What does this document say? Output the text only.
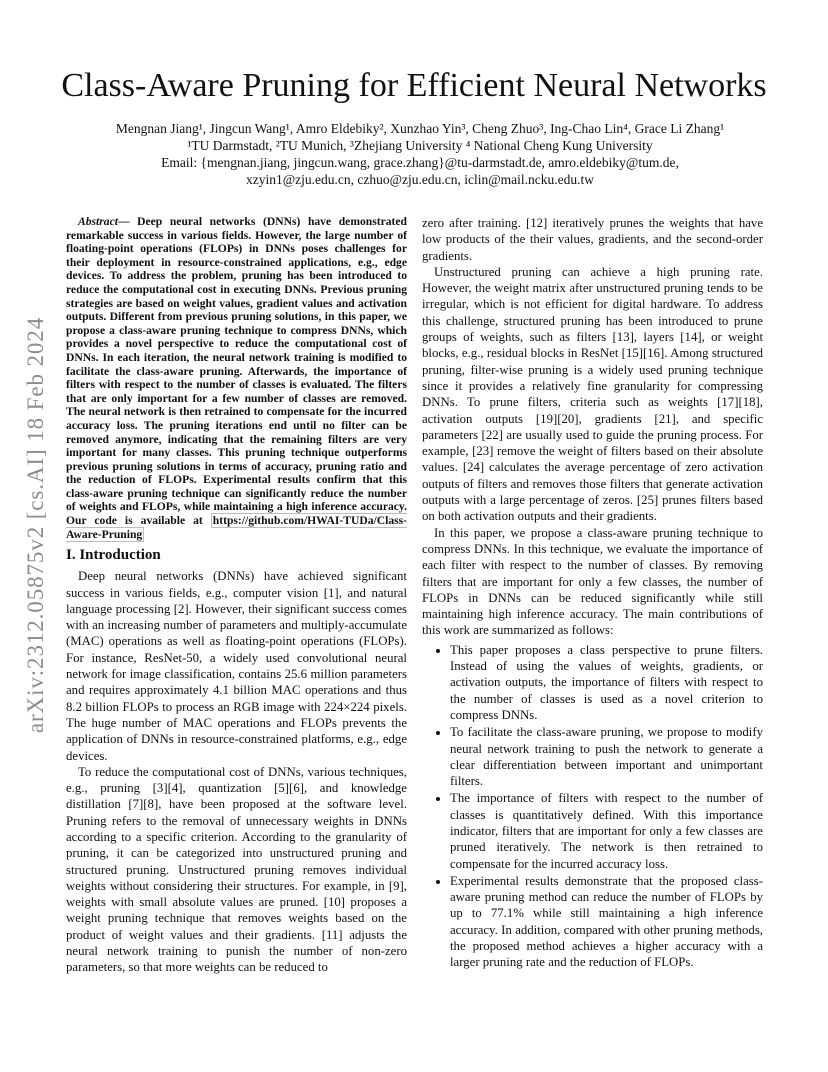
arXiv:2312.05875v2 [cs.AI] 18 Feb 2024
Class-Aware Pruning for Efficient Neural Networks
Mengnan Jiang¹, Jingcun Wang¹, Amro Eldebiky², Xunzhao Yin³, Cheng Zhuo³, Ing-Chao Lin⁴, Grace Li Zhang¹
¹TU Darmstadt, ²TU Munich, ³Zhejiang University ⁴ National Cheng Kung University
Email: {mengnan.jiang, jingcun.wang, grace.zhang}@tu-darmstadt.de, amro.eldebiky@tum.de,
xzyin1@zju.edu.cn, czhuo@zju.edu.cn, iclin@mail.ncku.edu.tw

Abstract— Deep neural networks (DNNs) have demonstrated remarkable success in various fields. However, the large number of floating-point operations (FLOPs) in DNNs poses challenges for their deployment in resource-constrained applications, e.g., edge devices. To address the problem, pruning has been introduced to reduce the computational cost in executing DNNs. Previous pruning strategies are based on weight values, gradient values and activation outputs. Different from previous pruning solutions, in this paper, we propose a class-aware pruning technique to compress DNNs, which provides a novel perspective to reduce the computational cost of DNNs. In each iteration, the neural network training is modified to facilitate the class-aware pruning. Afterwards, the importance of filters with respect to the number of classes is evaluated. The filters that are only important for a few number of classes are removed. The neural network is then retrained to compensate for the incurred accuracy loss. The pruning iterations end until no filter can be removed anymore, indicating that the remaining filters are very important for many classes. This pruning technique outperforms previous pruning solutions in terms of accuracy, pruning ratio and the reduction of FLOPs. Experimental results confirm that this class-aware pruning technique can significantly reduce the number of weights and FLOPs, while maintaining a high inference accuracy. Our code is available at https://github.com/HWAI-TUDa/Class-Aware-Pruning

I. Introduction

Deep neural networks (DNNs) have achieved significant success in various fields, e.g., computer vision [1], and natural language processing [2]. However, their significant success comes with an increasing number of parameters and multiply-accumulate (MAC) operations as well as floating-point operations (FLOPs). For instance, ResNet-50, a widely used convolutional neural network for image classification, contains 25.6 million parameters and requires approximately 4.1 billion MAC operations and thus 8.2 billion FLOPs to process an RGB image with 224×224 pixels. The huge number of MAC operations and FLOPs prevents the application of DNNs in resource-constrained platforms, e.g., edge devices.

To reduce the computational cost of DNNs, various techniques, e.g., pruning [3][4], quantization [5][6], and knowledge distillation [7][8], have been proposed at the software level. Pruning refers to the removal of unnecessary weights in DNNs according to a specific criterion. According to the granularity of pruning, it can be categorized into unstructured pruning and structured pruning. Unstructured pruning removes individual weights without considering their structures. For example, in [9], weights with small absolute values are pruned. [10] proposes a weight pruning technique that removes weights based on the product of weight values and their gradients. [11] adjusts the neural network training to punish the number of non-zero parameters, so that more weights can be reduced to

zero after training. [12] iteratively prunes the weights that have low products of the their values, gradients, and the second-order gradients.

Unstructured pruning can achieve a high pruning rate. However, the weight matrix after unstructured pruning tends to be irregular, which is not efficient for digital hardware. To address this challenge, structured pruning has been introduced to prune groups of weights, such as filters [13], layers [14], or weight blocks, e.g., residual blocks in ResNet [15][16]. Among structured pruning, filter-wise pruning is a widely used pruning technique since it provides a relatively fine granularity for compressing DNNs. To prune filters, criteria such as weights [17][18], activation outputs [19][20], gradients [21], and specific parameters [22] are usually used to guide the pruning process. For example, [23] remove the weight of filters based on their absolute values. [24] calculates the average percentage of zero activation outputs of filters and removes those filters that generate activation outputs with a large percentage of zeros. [25] prunes filters based on both activation outputs and their gradients.

In this paper, we propose a class-aware pruning technique to compress DNNs. In this technique, we evaluate the importance of each filter with respect to the number of classes. By removing filters that are important for only a few classes, the number of FLOPs in DNNs can be reduced significantly while still maintaining high inference accuracy. The main contributions of this work are summarized as follows:

• This paper proposes a class perspective to prune filters. Instead of using the values of weights, gradients, or activation outputs, the importance of filters with respect to the number of classes is used as a novel criterion to compress DNNs.
• To facilitate the class-aware pruning, we propose to modify neural network training to push the network to generate a clear differentiation between important and unimportant filters.
• The importance of filters with respect to the number of classes is quantitatively defined. With this importance indicator, filters that are important for only a few classes are pruned iteratively. The network is then retrained to compensate for the incurred accuracy loss.
• Experimental results demonstrate that the proposed class-aware pruning method can reduce the number of FLOPs by up to 77.1% while still maintaining a high inference accuracy. In addition, compared with other pruning methods, the proposed method achieves a higher accuracy with a larger pruning rate and the reduction of FLOPs.
